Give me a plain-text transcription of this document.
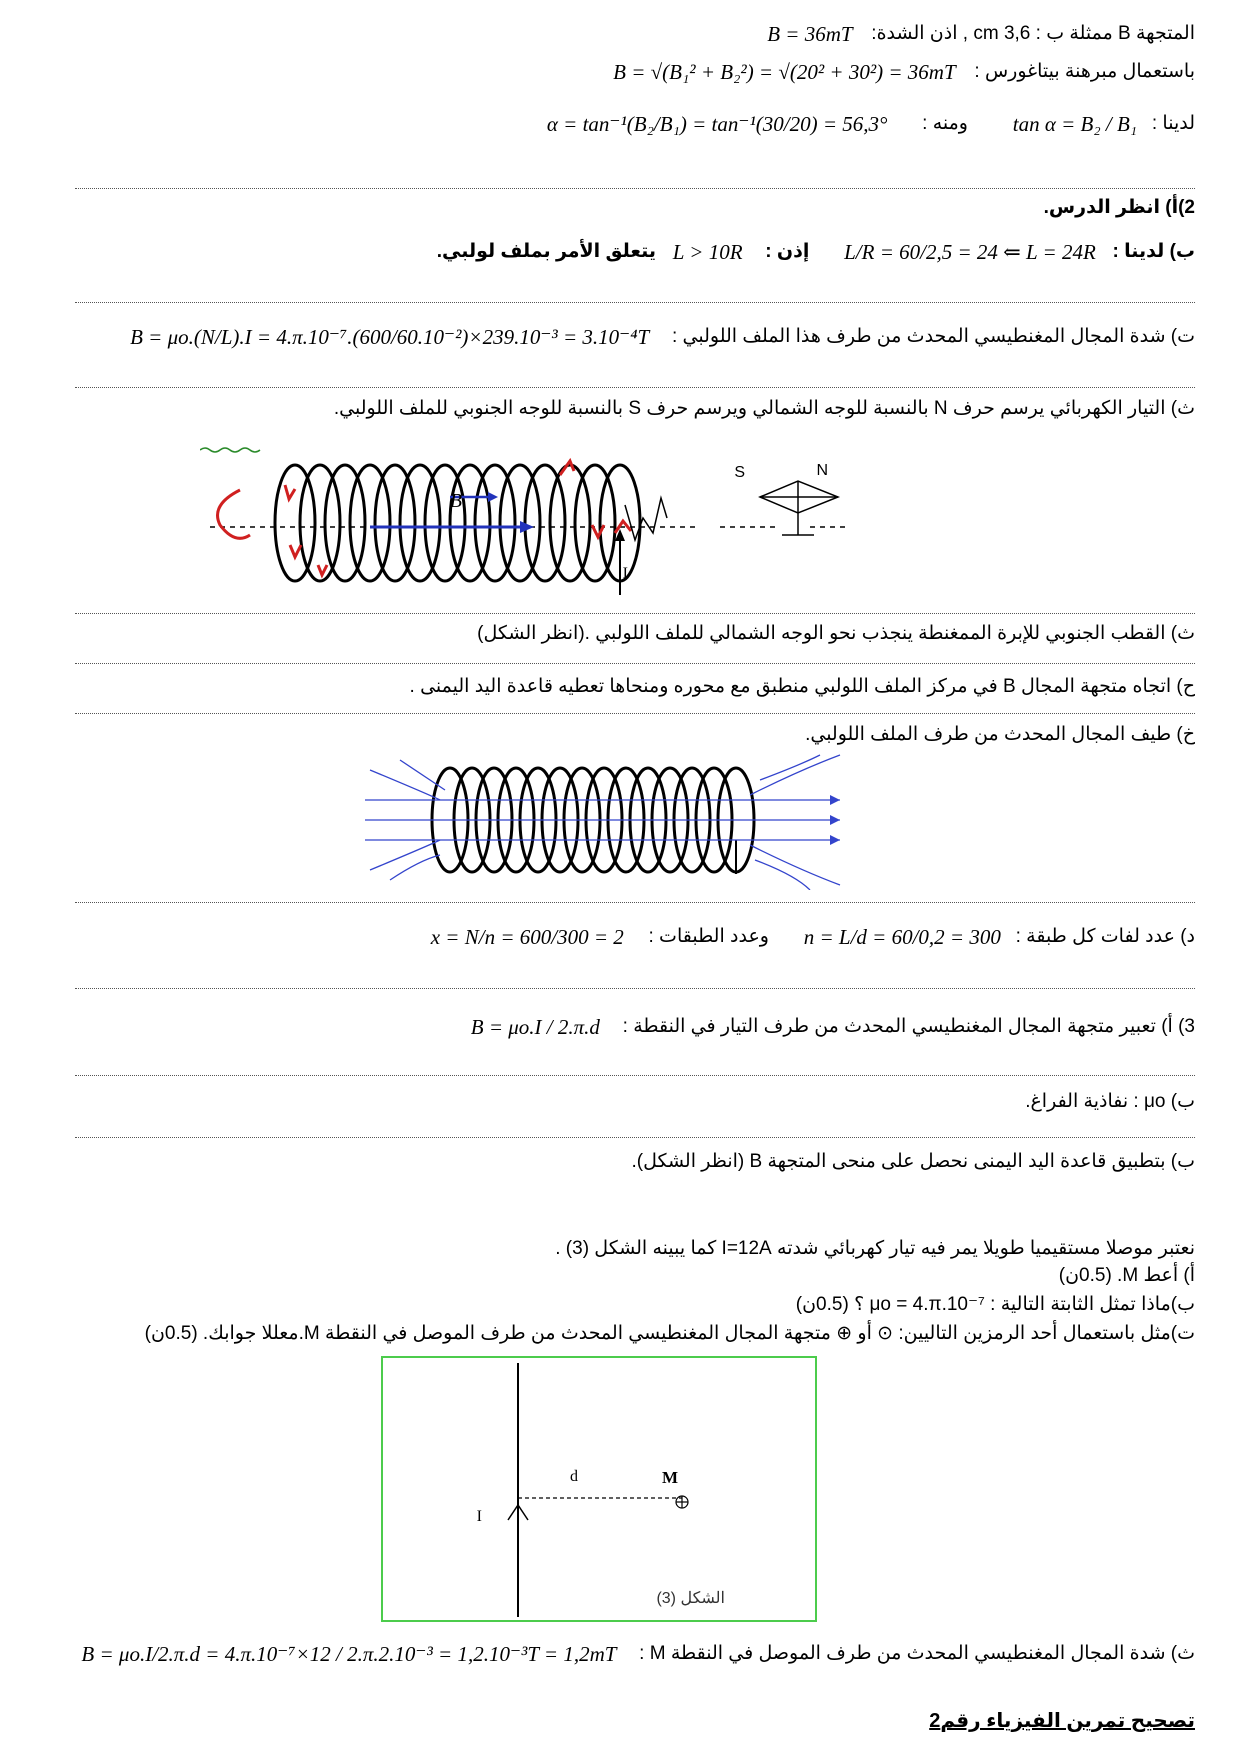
المتجهة B ممثلة ب : 3,6 cm , اذن الشدة: B = 36mT
باستعمال مبرهنة بيتاغورس : B = √(B₁² + B₂²) = √(20² + 30²) = 36mT
لدينا : tan α = B₂ / B₁ ومنه : α = tan⁻¹(B₂/B₁) = tan⁻¹(30/20) = 56,3°
2)أ) انظر الدرس.
ب) لدينا : L/R = 60/2,5 = 24 ⇐ L = 24R إذن : L > 10R يتعلق الأمر بملف لولبي.
ت) شدة المجال المغنطيسي المحدث من طرف هذا الملف اللولبي : B = μo.(N/L).I = 4.π.10⁻⁷.(600/60.10⁻²)×239.10⁻³ = 3.10⁻⁴T
ث) التيار الكهربائي يرسم حرف N بالنسبة للوجه الشمالي ويرسم حرف S بالنسبة للوجه الجنوبي للملف اللولبي.
B
I
S	N
ث) القطب الجنوبي للإبرة الممغنطة ينجذب نحو الوجه الشمالي للملف اللولبي .(انظر الشكل)
ح) اتجاه متجهة المجال B في مركز الملف اللولبي منطبق مع محوره ومنحاها تعطيه قاعدة اليد اليمنى .
خ) طيف المجال المحدث من طرف الملف اللولبي.
د) عدد لفات كل طبقة : n = L/d = 60/0,2 = 300 وعدد الطبقات : x = N/n = 600/300 = 2
3) أ) تعبير متجهة المجال المغنطيسي المحدث من طرف التيار في النقطة : B = μo.I / 2.π.d
ب) μo : نفاذية الفراغ.
ب) بتطبيق قاعدة اليد اليمنى نحصل على منحى المتجهة B (انظر الشكل).
نعتبر موصلا مستقيميا طويلا يمر فيه تيار كهربائي شدته I=12A كما يبينه الشكل (3) .
أ) أعط M. (0.5ن)
ب)ماذا تمثل الثابتة التالية : μo = 4.π.10⁻⁷ ؟ (0.5ن)
ت)مثل باستعمال أحد الرمزين التاليين: ⊙ أو ⊕ متجهة المجال المغنطيسي المحدث من طرف الموصل في النقطة M.معللا جوابك. (0.5ن)
d	M
I
الشكل (3)
ث) شدة المجال المغنطيسي المحدث من طرف الموصل في النقطة M : B = μo.I/2.π.d = 4.π.10⁻⁷×12 / 2.π.2.10⁻³ = 1,2.10⁻³T = 1,2mT
تصحيح تمرين الفيزياء رقم2
